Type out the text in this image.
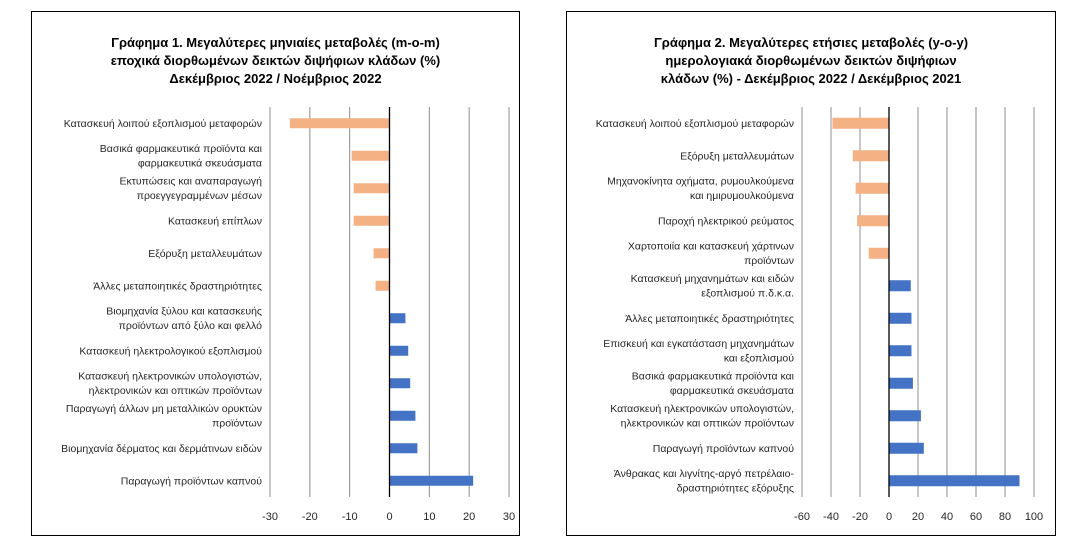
Γράφημα 1. Μεγαλύτερες μηνιαίες μεταβολές (m-o-m)
εποχικά διορθωμένων δεικτών διψήφιων κλάδων (%)
Δεκέμβριος 2022 / Νοέμβριος 2022
Κατασκευή λοιπού εξοπλισμού μεταφορών
Βασικά φαρμακευτικά προϊόντα και φαρμακευτικά σκευάσματα
Εκτυπώσεις και αναπαραγωγή προεγγεγραμμένων μέσων
Κατασκευή επίπλων
Εξόρυξη μεταλλευμάτων
Άλλες μεταποιητικές δραστηριότητες
Βιομηχανία ξύλου και κατασκευής προϊόντων από ξύλο και φελλό
Κατασκευή ηλεκτρολογικού εξοπλισμού
Κατασκευή ηλεκτρονικών υπολογιστών, ηλεκτρονικών και οπτικών προϊόντων
Παραγωγή άλλων μη μεταλλικών ορυκτών προϊόντων
Βιομηχανία δέρματος και δερμάτινων ειδών
Παραγωγή προϊόντων καπνού
-30 -20 -10	0	10	20	30
Γράφημα 2. Μεγαλύτερες ετήσιες μεταβολές (y-o-y)
ημερολογιακά διορθωμένων δεικτών διψήφιων
κλάδων (%) - Δεκέμβριος 2022 / Δεκέμβριος 2021
Κατασκευή λοιπού εξοπλισμού μεταφορών
Εξόρυξη μεταλλευμάτων
Μηχανοκίνητα οχήματα, ρυμουλκούμενα και ημιρυμουλκούμενα
Παροχή ηλεκτρικού ρεύματος
Χαρτοποιία και κατασκευή χάρτινων προϊόντων
Κατασκευή μηχανημάτων και ειδών εξοπλισμού π.δ.κ.α.
Άλλες μεταποιητικές δραστηριότητες
Επισκευή και εγκατάσταση μηχανημάτων και εξοπλισμού
Βασικά φαρμακευτικά προϊόντα και φαρμακευτικά σκευάσματα
Κατασκευή ηλεκτρονικών υπολογιστών, ηλεκτρονικών και οπτικών προϊόντων
Παραγωγή προϊόντων καπνού
Άνθρακας και λιγνίτης-αργό πετρέλαιο-δραστηριότητες εξόρυξης
-60 -40 -20 0 20 40 60 80 100
